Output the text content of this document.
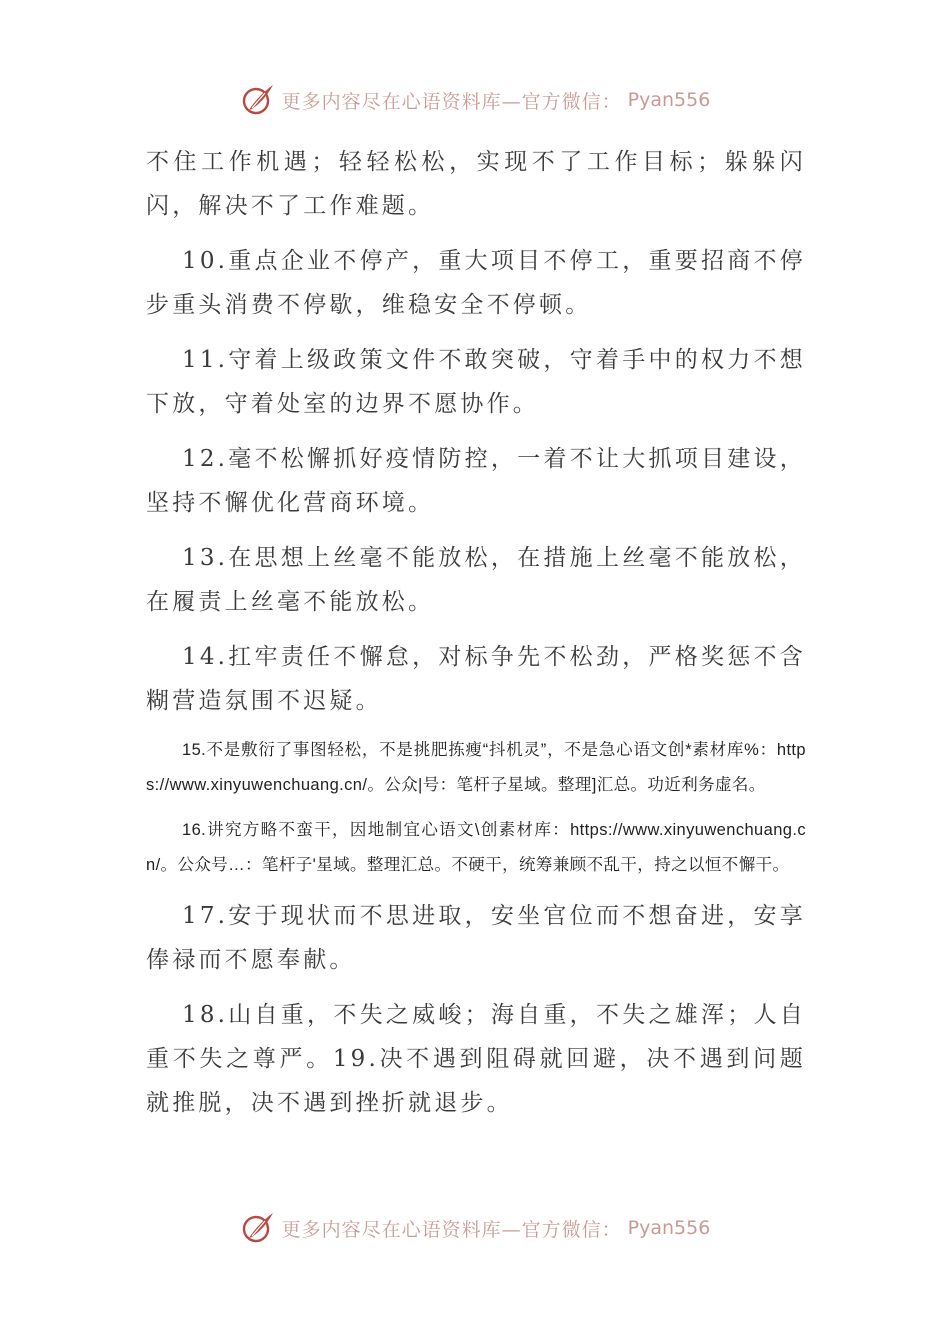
更多内容尽在心语资料库—官方微信： Pyan556

不住工作机遇；轻轻松松，实现不了工作目标；躲躲闪闪，解决不了工作难题。

10.重点企业不停产，重大项目不停工，重要招商不停步重头消费不停歇，维稳安全不停顿。

11.守着上级政策文件不敢突破，守着手中的权力不想下放，守着处室的边界不愿协作。

12.毫不松懈抓好疫情防控，一着不让大抓项目建设，坚持不懈优化营商环境。

13.在思想上丝毫不能放松，在措施上丝毫不能放松，在履责上丝毫不能放松。

14.扛牢责任不懈怠，对标争先不松劲，严格奖惩不含糊营造氛围不迟疑。

15.不是敷衍了事图轻松，不是挑肥拣瘦“抖机灵”，不是急心语文创*素材库%：https://www.xinyuwenchuang.cn/。公众|号：笔杆子星域。整理]汇总。功近利务虚名。

16.讲究方略不蛮干，因地制宜心语文\创素材库：https://www.xinyuwenchuang.cn/。公众号…：笔杆子'星域。整理汇总。不硬干，统筹兼顾不乱干，持之以恒不懈干。

17.安于现状而不思进取，安坐官位而不想奋进，安享俸禄而不愿奉献。

18.山自重，不失之威峻；海自重，不失之雄浑；人自重不失之尊严。19.决不遇到阻碍就回避，决不遇到问题就推脱，决不遇到挫折就退步。

更多内容尽在心语资料库—官方微信： Pyan556
